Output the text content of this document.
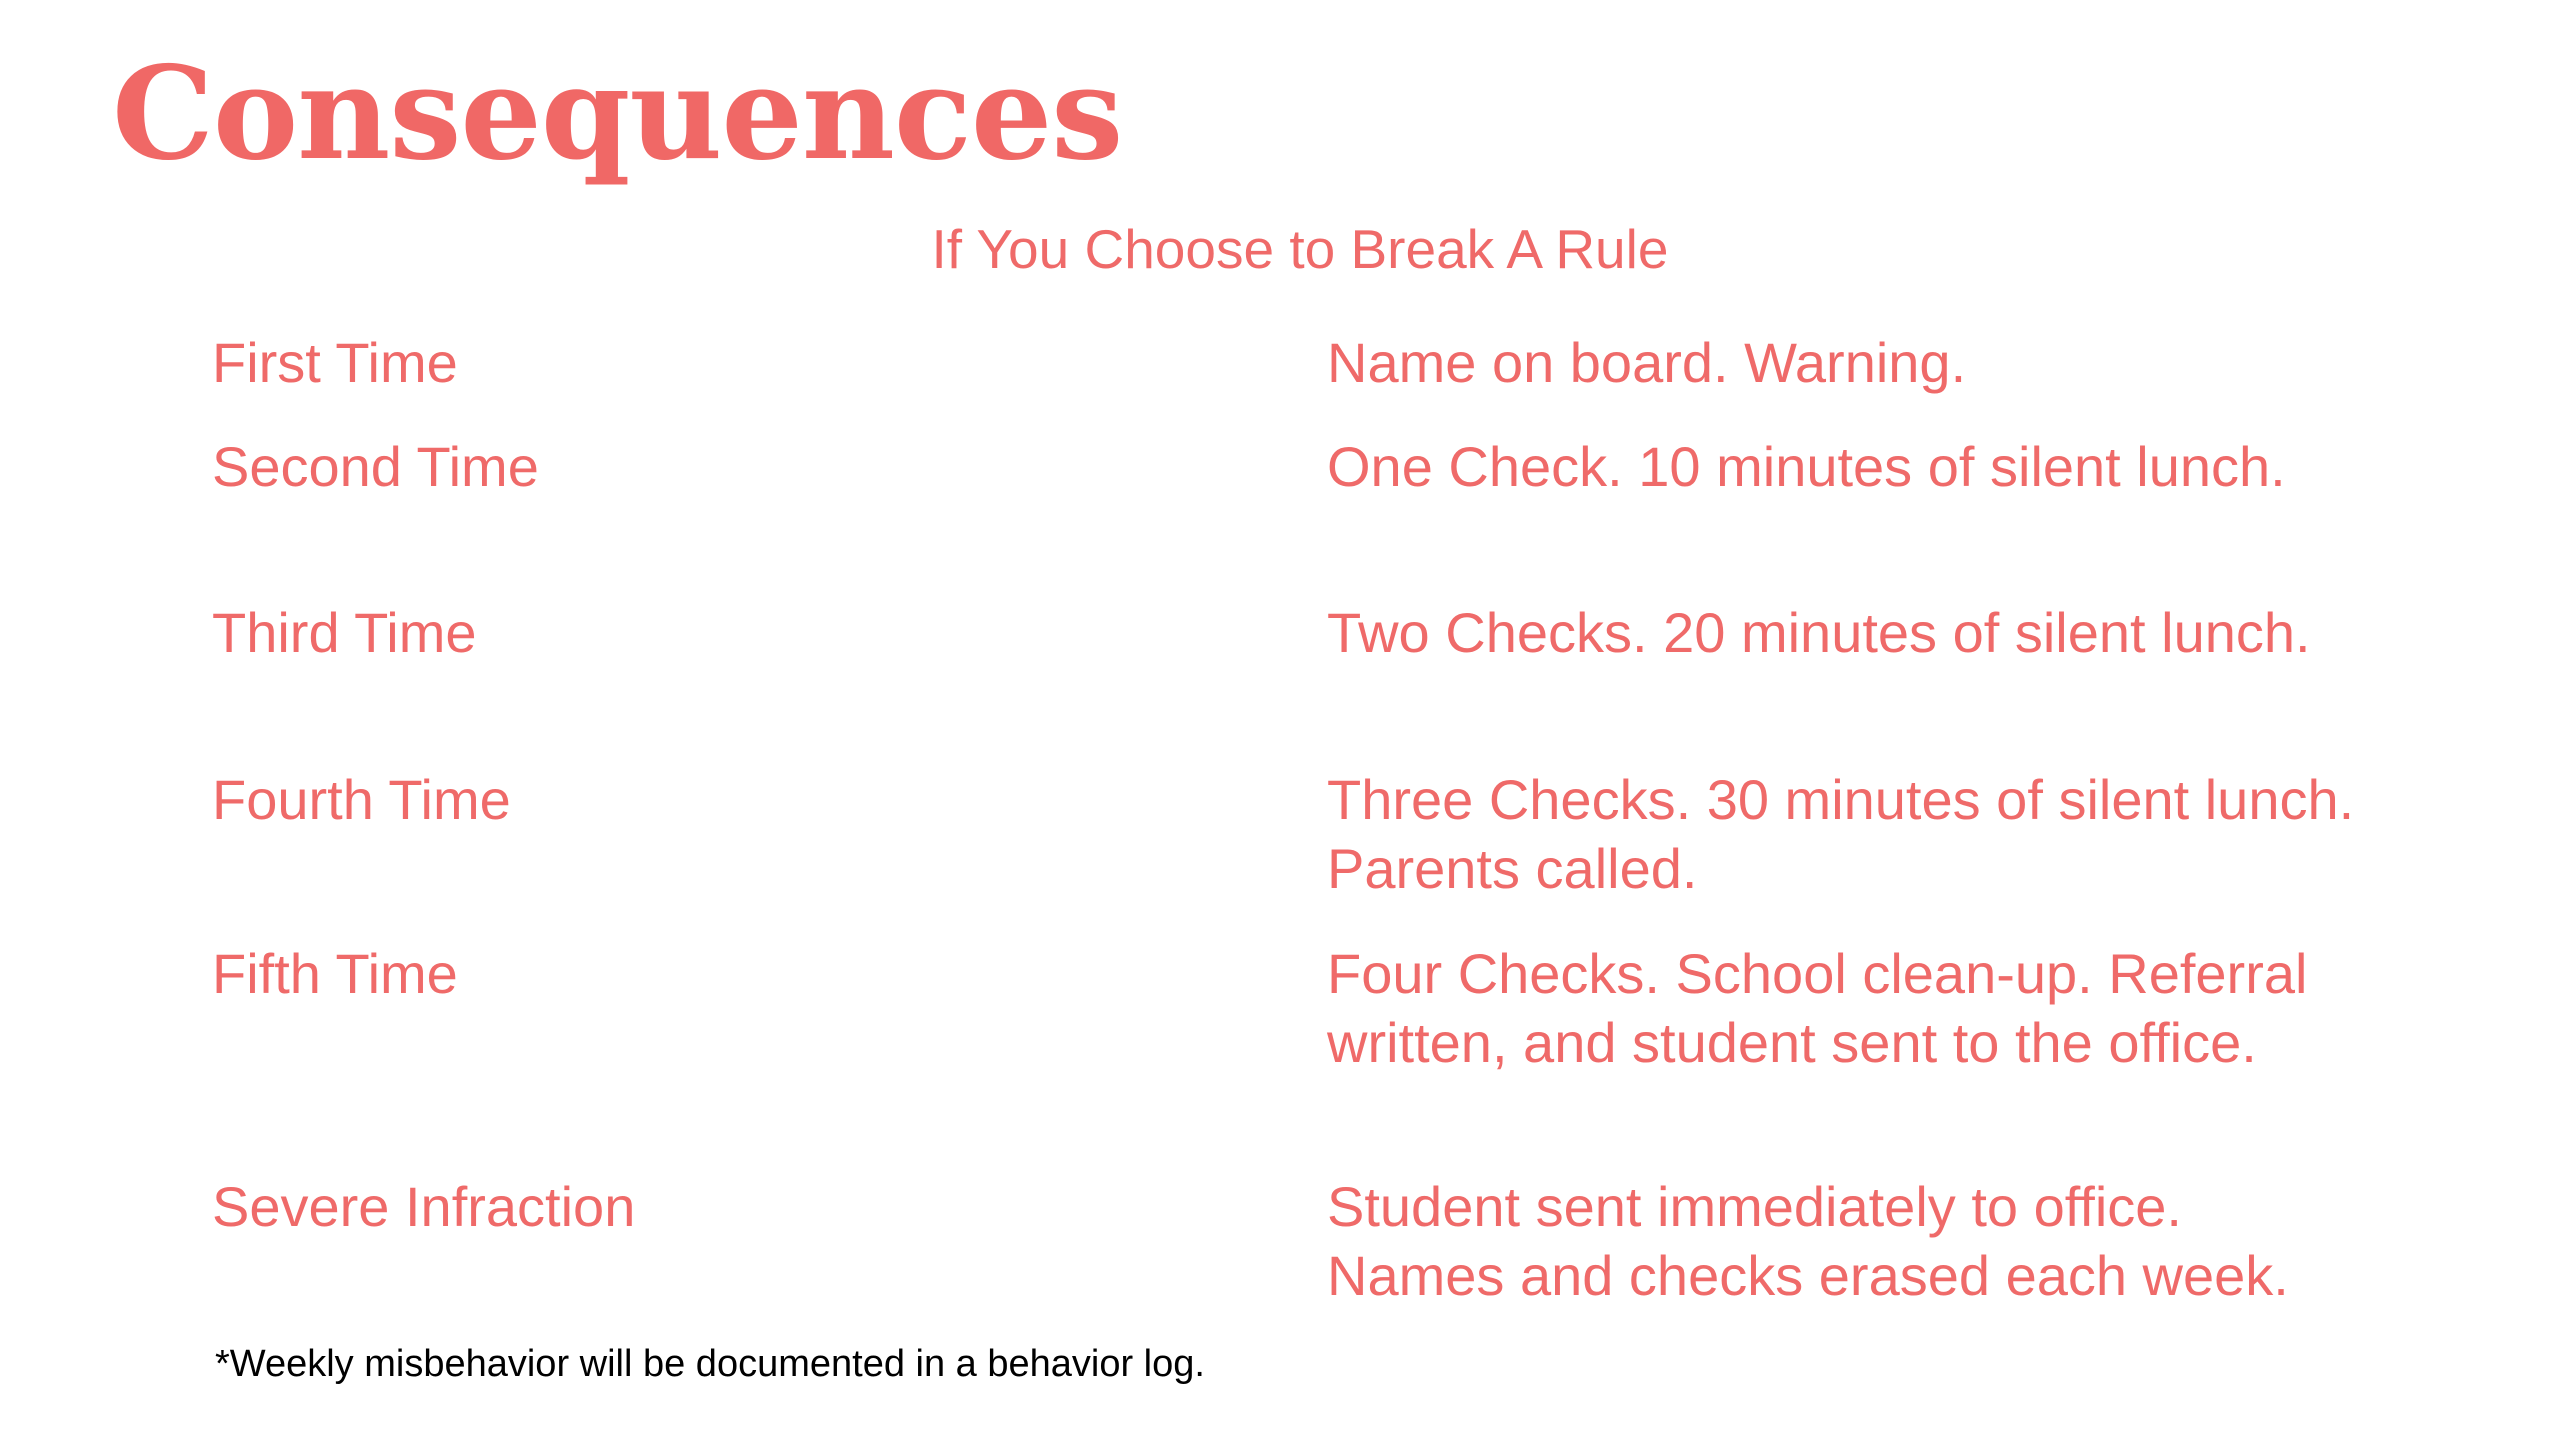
Consequences
If You Choose to Break A Rule
First Time	Name on board. Warning.
Second Time	One Check. 10 minutes of silent lunch.
Third Time	Two Checks. 20 minutes of silent lunch.
Fourth Time	Three Checks. 30 minutes of silent lunch.
Parents called.
Fifth Time	Four Checks. School clean-up. Referral
written, and student sent to the office.
Severe Infraction	Student sent immediately to office.
Names and checks erased each week.
*Weekly misbehavior will be documented in a behavior log.
